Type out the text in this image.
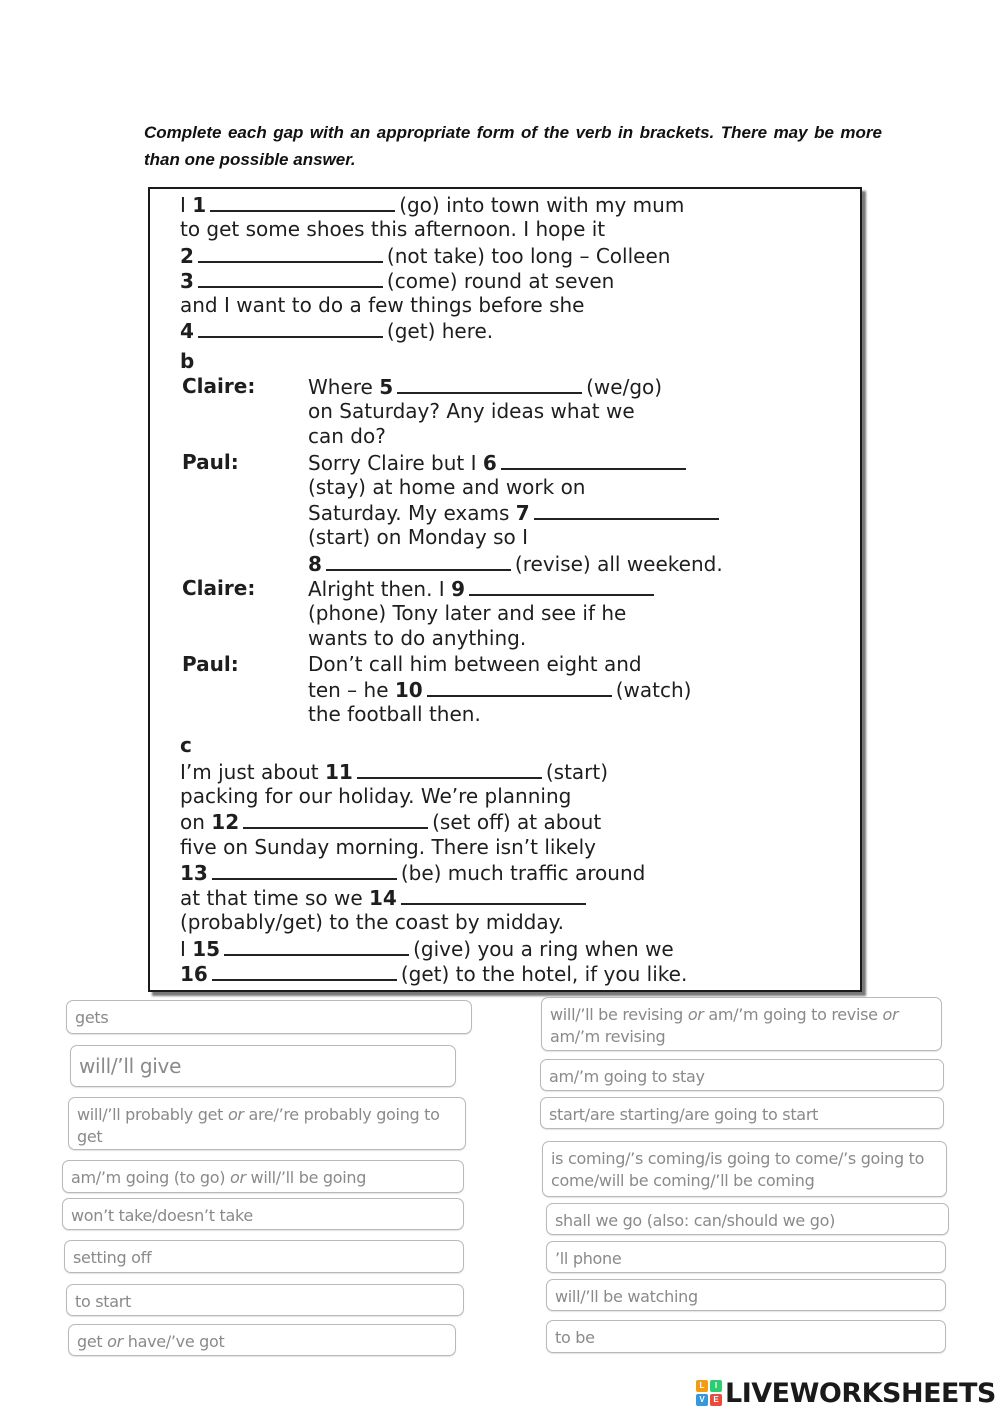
Complete each gap with an appropriate form of the verb in brackets. There may be more than one possible answer.

I 1	(go) into town with my mum
to get some shoes this afternoon. I hope it
2	(not take) too long – Colleen
3	(come) round at seven
and I want to do a few things before she
4	(get) here.
b
Claire:	Where 5	(we/go)
on Saturday? Any ideas what we
can do?
Paul:	Sorry Claire but I 6
(stay) at home and work on
Saturday. My exams 7
(start) on Monday so I
8	(revise) all weekend.
Claire:	Alright then. I 9
(phone) Tony later and see if he
wants to do anything.
Paul:	Don’t call him between eight and
ten – he 10	(watch)
the football then.
c
I’m just about 11	(start)
packing for our holiday. We’re planning
on 12	(set off) at about
five on Sunday morning. There isn’t likely
13	(be) much traffic around
at that time so we 14
(probably/get) to the coast by midday.
I 15	(give) you a ring when we
16	(get) to the hotel, if you like.
gets
will/’ll give
will/’ll probably get or are/’re probably going to get
am/’m going (to go) or will/’ll be going
won’t take/doesn’t take
setting off
to start
get or have/’ve got
will/’ll be revising or am/’m going to revise or am/’m revising
am/’m going to stay
start/are starting/are going to start
is coming/’s coming/is going to come/’s going to come/will be coming/’ll be coming
shall we go (also: can/should we go)
’ll phone
will/’ll be watching
to be
L	I
V	E LIVEWORKSHEETS
